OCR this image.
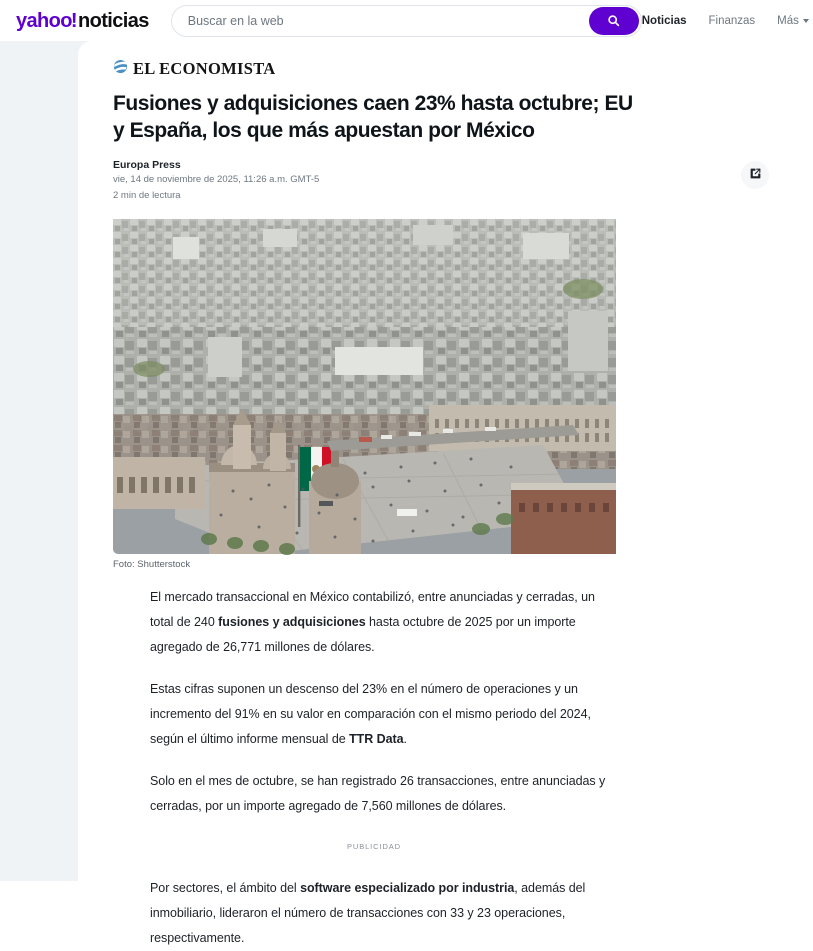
yahoo ! noticias
Buscar en la web	Noticias Finanzas Más
EL ECONOMISTA
Fusiones y adquisiciones caen 23% hasta octubre; EU y España, los que más apuestan por México
Europa Press
vie, 14 de noviembre de 2025, 11:26 a.m. GMT-5
2 min de lectura
Foto: Shutterstock

El mercado transaccional en México contabilizó, entre anunciadas y cerradas, un total de 240 fusiones y adquisiciones hasta octubre de 2025 por un importe agregado de 26,771 millones de dólares.

Estas cifras suponen un descenso del 23% en el número de operaciones y un incremento del 91% en su valor en comparación con el mismo periodo del 2024, según el último informe mensual de TTR Data.

Solo en el mes de octubre, se han registrado 26 transacciones, entre anunciadas y cerradas, por un importe agregado de 7,560 millones de dólares.

PUBLICIDAD

Por sectores, el ámbito del software especializado por industria, además del inmobiliario, lideraron el número de transacciones con 33 y 23 operaciones, respectivamente.
